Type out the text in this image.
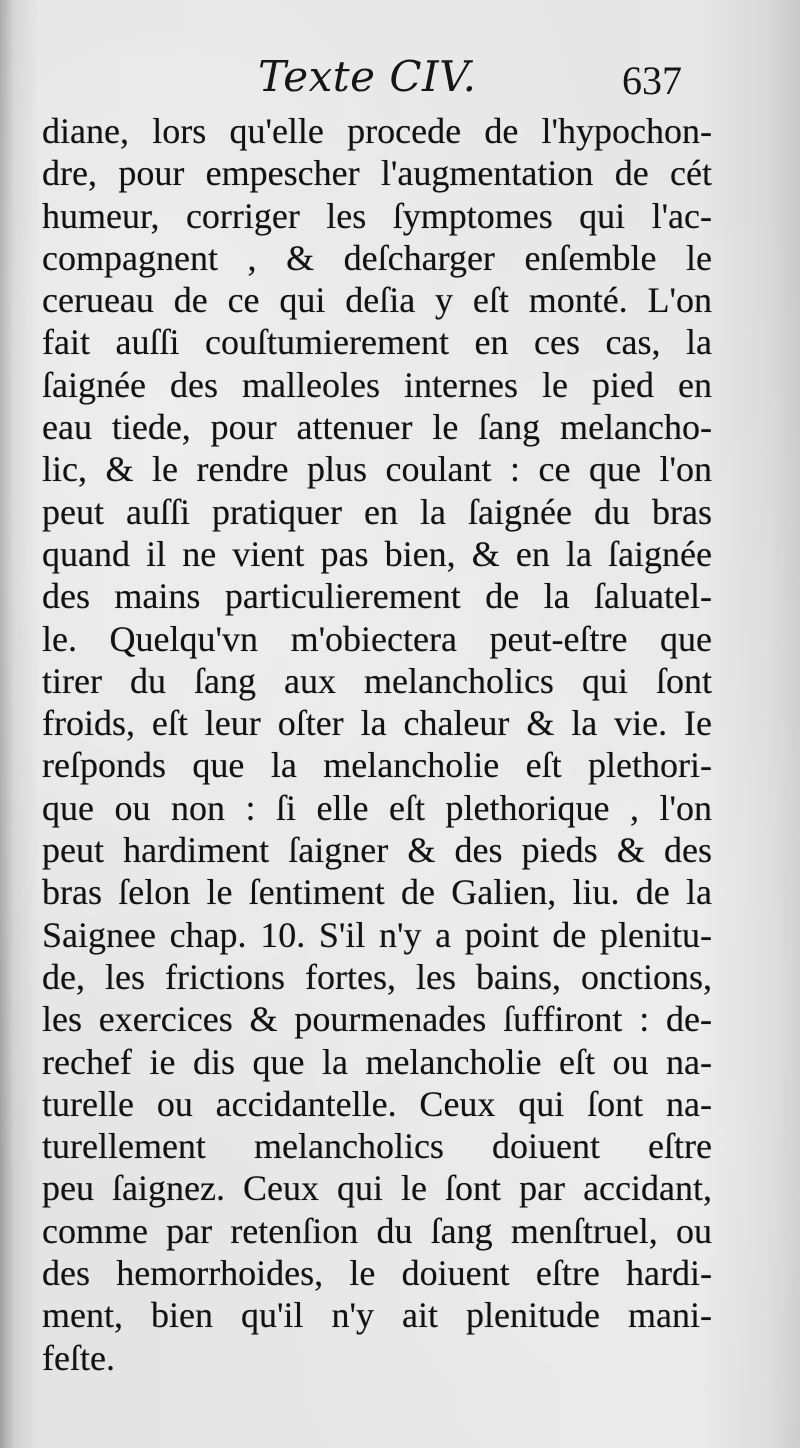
Texte CIV.	637
diane, lors qu'elle procede de l'hypochon-
dre, pour empescher l'augmentation de cét
humeur, corriger les ſymptomes qui l'ac-
compagnent , & deſcharger enſemble le
cerueau de ce qui deſia y eſt monté. L'on
fait auſſi couſtumierement en ces cas, la
ſaignée des malleoles internes le pied en
eau tiede, pour attenuer le ſang melancho-
lic, & le rendre plus coulant : ce que l'on
peut auſſi pratiquer en la ſaignée du bras
quand il ne vient pas bien, & en la ſaignée
des mains particulierement de la ſaluatel-
le. Quelqu'vn m'obiectera peut-eſtre que
tirer du ſang aux melancholics qui ſont
froids, eſt leur oſter la chaleur & la vie. Ie
reſponds que la melancholie eſt plethori-
que ou non : ſi elle eſt plethorique , l'on
peut hardiment ſaigner & des pieds & des
bras ſelon le ſentiment de Galien, liu. de la
Saignee chap. 10. S'il n'y a point de plenitu-
de, les frictions fortes, les bains, onctions,
les exercices & pourmenades ſuffiront : de-
rechef ie dis que la melancholie eſt ou na-
turelle ou accidantelle. Ceux qui ſont na-
turellement melancholics doiuent eſtre
peu ſaignez. Ceux qui le ſont par accidant,
comme par retenſion du ſang menſtruel, ou
des hemorrhoides, le doiuent eſtre hardi-
ment, bien qu'il n'y ait plenitude mani-
feſte.
